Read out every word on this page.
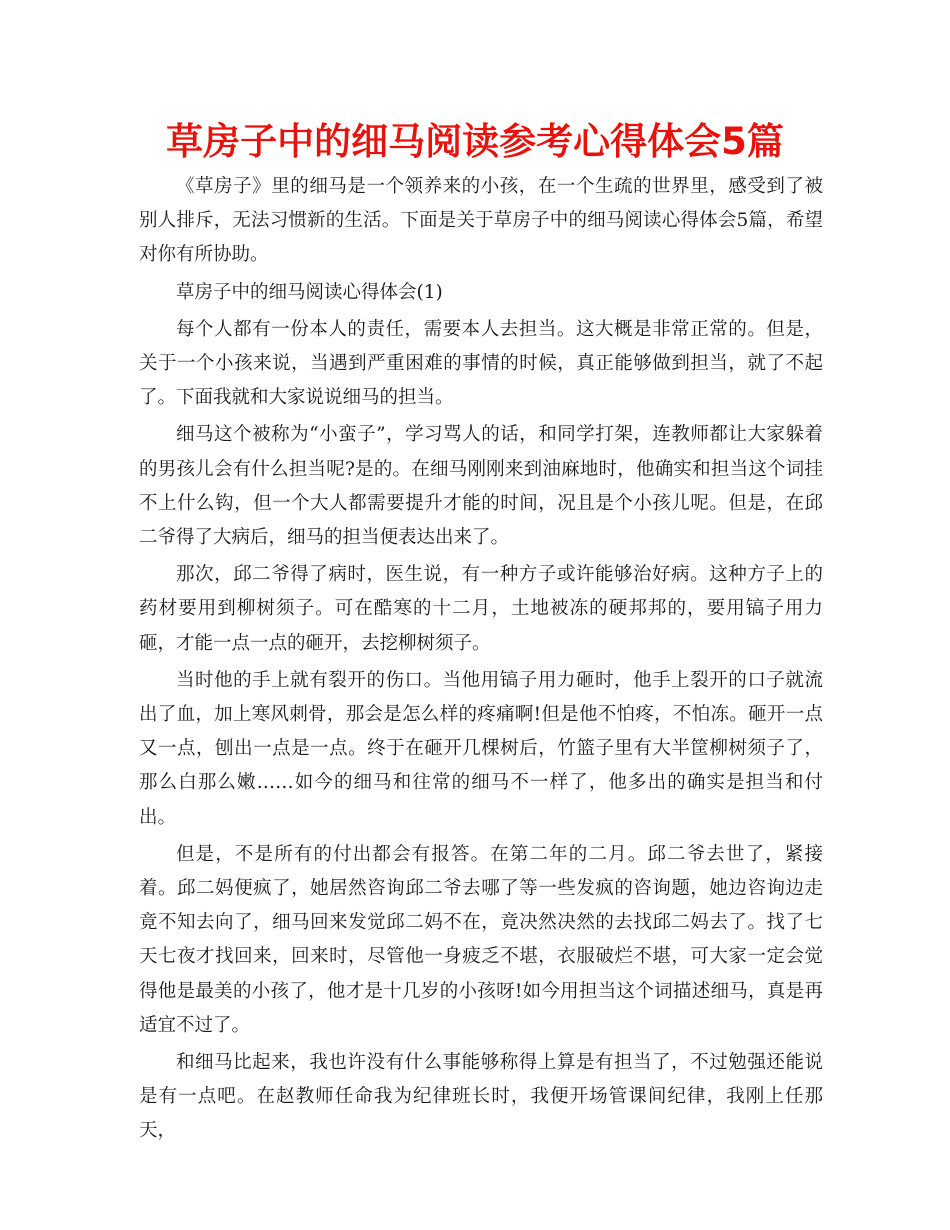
草房子中的细马阅读参考心得体会5篇

《草房子》里的细马是一个领养来的小孩，在一个生疏的世界里，感受到了被别人排斥，无法习惯新的生活。下面是关于草房子中的细马阅读心得体会5篇，希望对你有所协助。

草房子中的细马阅读心得体会(1)

每个人都有一份本人的责任，需要本人去担当。这大概是非常正常的。但是，关于一个小孩来说，当遇到严重困难的事情的时候，真正能够做到担当，就了不起了。下面我就和大家说说细马的担当。

细马这个被称为“小蛮子”，学习骂人的话，和同学打架，连教师都让大家躲着的男孩儿会有什么担当呢?是的。在细马刚刚来到油麻地时，他确实和担当这个词挂不上什么钩，但一个大人都需要提升才能的时间，况且是个小孩儿呢。但是，在邱二爷得了大病后，细马的担当便表达出来了。

那次，邱二爷得了病时，医生说，有一种方子或许能够治好病。这种方子上的药材要用到柳树须子。可在酷寒的十二月，土地被冻的硬邦邦的，要用镐子用力砸，才能一点一点的砸开，去挖柳树须子。

当时他的手上就有裂开的伤口。当他用镐子用力砸时，他手上裂开的口子就流出了血，加上寒风刺骨，那会是怎么样的疼痛啊!但是他不怕疼，不怕冻。砸开一点又一点，刨出一点是一点。终于在砸开几棵树后，竹篮子里有大半筐柳树须子了，那么白那么嫩……如今的细马和往常的细马不一样了，他多出的确实是担当和付出。

但是，不是所有的付出都会有报答。在第二年的二月。邱二爷去世了，紧接着。邱二妈便疯了，她居然咨询邱二爷去哪了等一些发疯的咨询题，她边咨询边走竟不知去向了，细马回来发觉邱二妈不在，竟决然决然的去找邱二妈去了。找了七天七夜才找回来，回来时，尽管他一身疲乏不堪，衣服破烂不堪，可大家一定会觉得他是最美的小孩了，他才是十几岁的小孩呀!如今用担当这个词描述细马，真是再适宜不过了。

和细马比起来，我也许没有什么事能够称得上算是有担当了，不过勉强还能说是有一点吧。在赵教师任命我为纪律班长时，我便开场管课间纪律，我刚上任那天，
